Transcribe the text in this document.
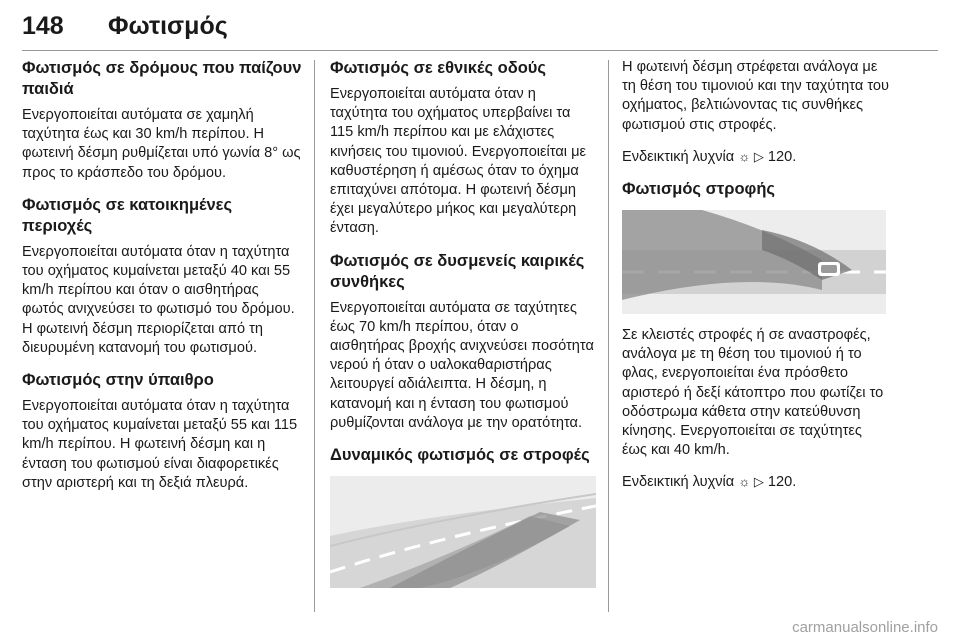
148	Φωτισμός
Φωτισμός σε δρόμους που παίζουν παιδιά

Ενεργοποιείται αυτόματα σε χαμηλή ταχύτητα έως και 30 km/h περίπου. Η φωτεινή δέσμη ρυθμίζεται υπό γωνία 8° ως προς το κράσπεδο του δρόμου.

Φωτισμός σε κατοικημένες περιοχές

Ενεργοποιείται αυτόματα όταν η ταχύτητα του οχήματος κυμαίνεται μεταξύ 40 και 55 km/h περίπου και όταν ο αισθητήρας φωτός ανιχνεύσει το φωτισμό του δρόμου. Η φωτεινή δέσμη περιορίζεται από τη διευρυμένη κατανομή του φωτισμού.

Φωτισμός στην ύπαιθρο

Ενεργοποιείται αυτόματα όταν η ταχύτητα του οχήματος κυμαίνεται μεταξύ 55 και 115 km/h περίπου. Η φωτεινή δέσμη και η ένταση του φωτισμού είναι διαφορετικές στην αριστερή και τη δεξιά πλευρά.

Φωτισμός σε εθνικές οδούς

Ενεργοποιείται αυτόματα όταν η ταχύτητα του οχήματος υπερβαίνει τα 115 km/h περίπου και με ελάχιστες κινήσεις του τιμονιού. Ενεργοποιείται με καθυστέρηση ή αμέσως όταν το όχημα επιταχύνει απότομα. Η φωτεινή δέσμη έχει μεγαλύτερο μήκος και μεγαλύτερη ένταση.

Φωτισμός σε δυσμενείς καιρικές συνθήκες

Ενεργοποιείται αυτόματα σε ταχύτητες έως 70 km/h περίπου, όταν ο αισθητήρας βροχής ανιχνεύσει ποσότητα νερού ή όταν ο υαλοκαθαριστήρας λειτουργεί αδιάλειπτα. Η δέσμη, η κατανομή και η ένταση του φωτισμού ρυθμίζονται ανάλογα με την ορατότητα.

Δυναμικός φωτισμός σε στροφές

Η φωτεινή δέσμη στρέφεται ανάλογα με τη θέση του τιμονιού και την ταχύτητα του οχήματος, βελτιώνοντας τις συνθήκες φωτισμού στις στροφές.

Ενδεικτική λυχνία ☼ ▷ 120.

Φωτισμός στροφής

Σε κλειστές στροφές ή σε αναστροφές, ανάλογα με τη θέση του τιμονιού ή το φλας, ενεργοποιείται ένα πρόσθετο αριστερό ή δεξί κάτοπτρο που φωτίζει το οδόστρωμα κάθετα στην κατεύθυνση κίνησης. Ενεργοποιείται σε ταχύτητες έως και 40 km/h.

Ενδεικτική λυχνία ☼ ▷ 120.

carmanualsonline.info
